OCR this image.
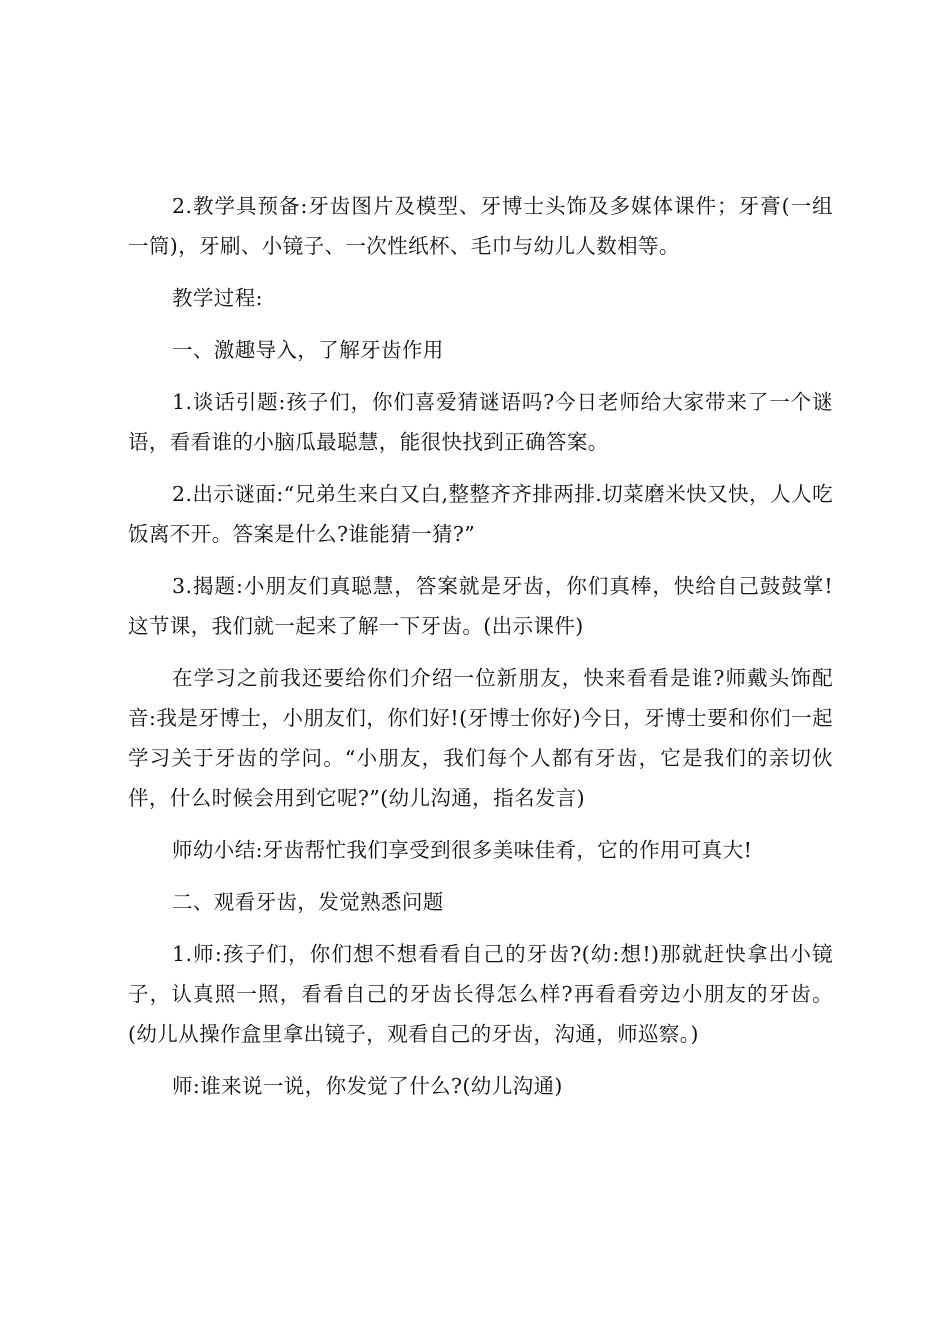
2.教学具预备:牙齿图片及模型、牙博士头饰及多媒体课件；牙膏(一组一筒)，牙刷、小镜子、一次性纸杯、毛巾与幼儿人数相等。

教学过程:

一、激趣导入，了解牙齿作用

1.谈话引题:孩子们，你们喜爱猜谜语吗?今日老师给大家带来了一个谜语，看看谁的小脑瓜最聪慧，能很快找到正确答案。

2.出示谜面:“兄弟生来白又白,整整齐齐排两排.切菜磨米快又快，人人吃饭离不开。答案是什么?谁能猜一猜?”

3.揭题:小朋友们真聪慧，答案就是牙齿，你们真棒，快给自己鼓鼓掌!这节课，我们就一起来了解一下牙齿。(出示课件)

在学习之前我还要给你们介绍一位新朋友，快来看看是谁?师戴头饰配音:我是牙博士，小朋友们，你们好!(牙博士你好)今日，牙博士要和你们一起学习关于牙齿的学问。“小朋友，我们每个人都有牙齿，它是我们的亲切伙伴，什么时候会用到它呢?”(幼儿沟通，指名发言)

师幼小结:牙齿帮忙我们享受到很多美味佳肴，它的作用可真大!

二、观看牙齿，发觉熟悉问题

1.师:孩子们，你们想不想看看自己的牙齿?(幼:想!)那就赶快拿出小镜子，认真照一照，看看自己的牙齿长得怎么样?再看看旁边小朋友的牙齿。(幼儿从操作盒里拿出镜子，观看自己的牙齿，沟通，师巡察。)

师:谁来说一说，你发觉了什么?(幼儿沟通)
